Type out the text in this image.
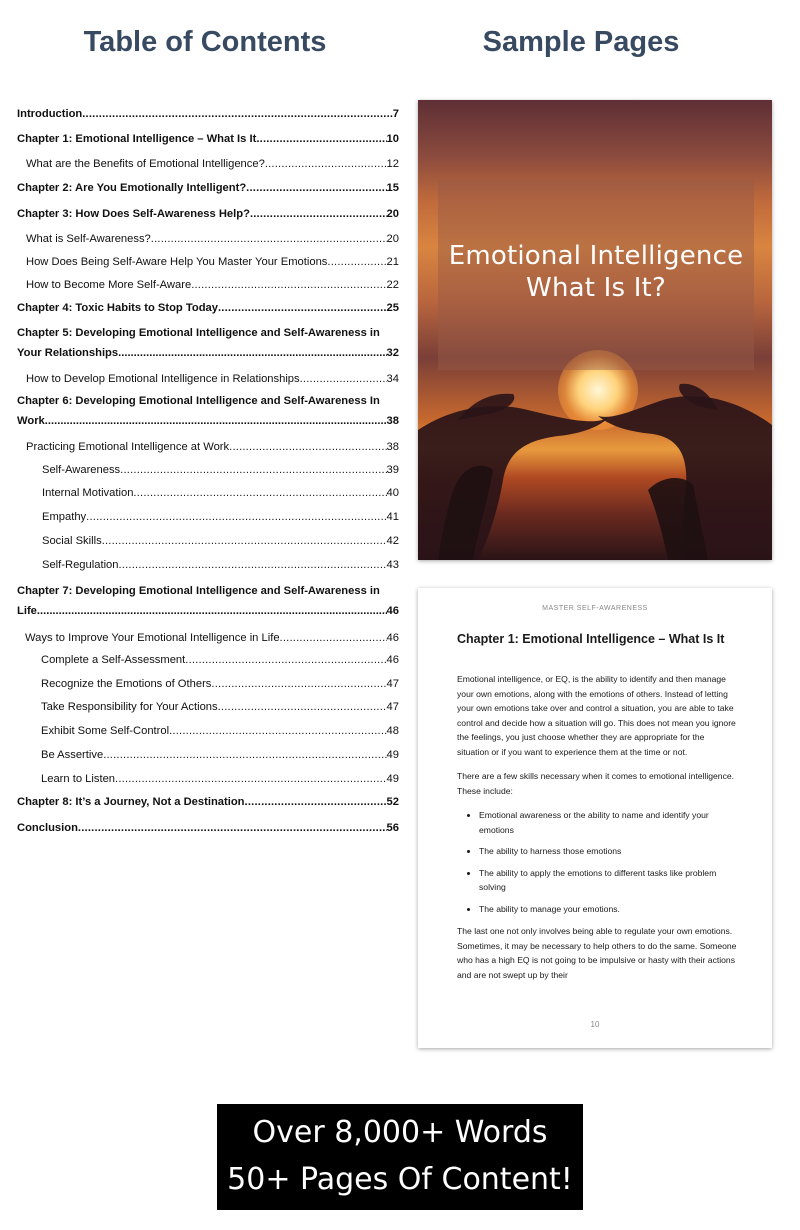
Table of Contents	Sample Pages
Introduction .....	7
Chapter 1: Emotional Intelligence – What Is It .....	10
What are the Benefits of Emotional Intelligence? .....	12
Chapter 2: Are You Emotionally Intelligent? .....	15
Chapter 3: How Does Self-Awareness Help? .....	20
What is Self-Awareness? .....	20
How Does Being Self-Aware Help You Master Your Emotions .....	21
How to Become More Self-Aware .....	22
Chapter 4: Toxic Habits to Stop Today .....	25
Chapter 5: Developing Emotional Intelligence and Self-Awareness in
Your Relationships .....	32
How to Develop Emotional Intelligence in Relationships .....	34
Chapter 6: Developing Emotional Intelligence and Self-Awareness In
Work .....	38
Practicing Emotional Intelligence at Work .....	38
Self-Awareness .....	39
Internal Motivation .....	40
Empathy .....	41
Social Skills .....	42
Self-Regulation .....	43
Chapter 7: Developing Emotional Intelligence and Self-Awareness in
Life .....	46
Ways to Improve Your Emotional Intelligence in Life .....	46
Complete a Self-Assessment .....	46
Recognize the Emotions of Others .....	47
Take Responsibility for Your Actions .....	47
Exhibit Some Self-Control .....	48
Be Assertive .....	49
Learn to Listen .....	49
Chapter 8: It’s a Journey, Not a Destination .....	52
Conclusion .....	56
Emotional Intelligence
What Is It?
MASTER SELF-AWARENESS
Chapter 1: Emotional Intelligence – What Is It

Emotional intelligence, or EQ, is the ability to identify and then manage your own emotions, along with the emotions of others. Instead of letting your own emotions take over and control a situation, you are able to take control and decide how a situation will go. This does not mean you ignore the feelings, you just choose whether they are appropriate for the situation or if you want to experience them at the time or not.

There are a few skills necessary when it comes to emotional intelligence. These include:

• Emotional awareness or the ability to name and identify your emotions
• The ability to harness those emotions
• The ability to apply the emotions to different tasks like problem solving
• The ability to manage your emotions.

The last one not only involves being able to regulate your own emotions. Sometimes, it may be necessary to help others to do the same. Someone who has a high EQ is not going to be impulsive or hasty with their actions and are not swept up by their

10
Over 8,000+ Words
50+ Pages Of Content!
